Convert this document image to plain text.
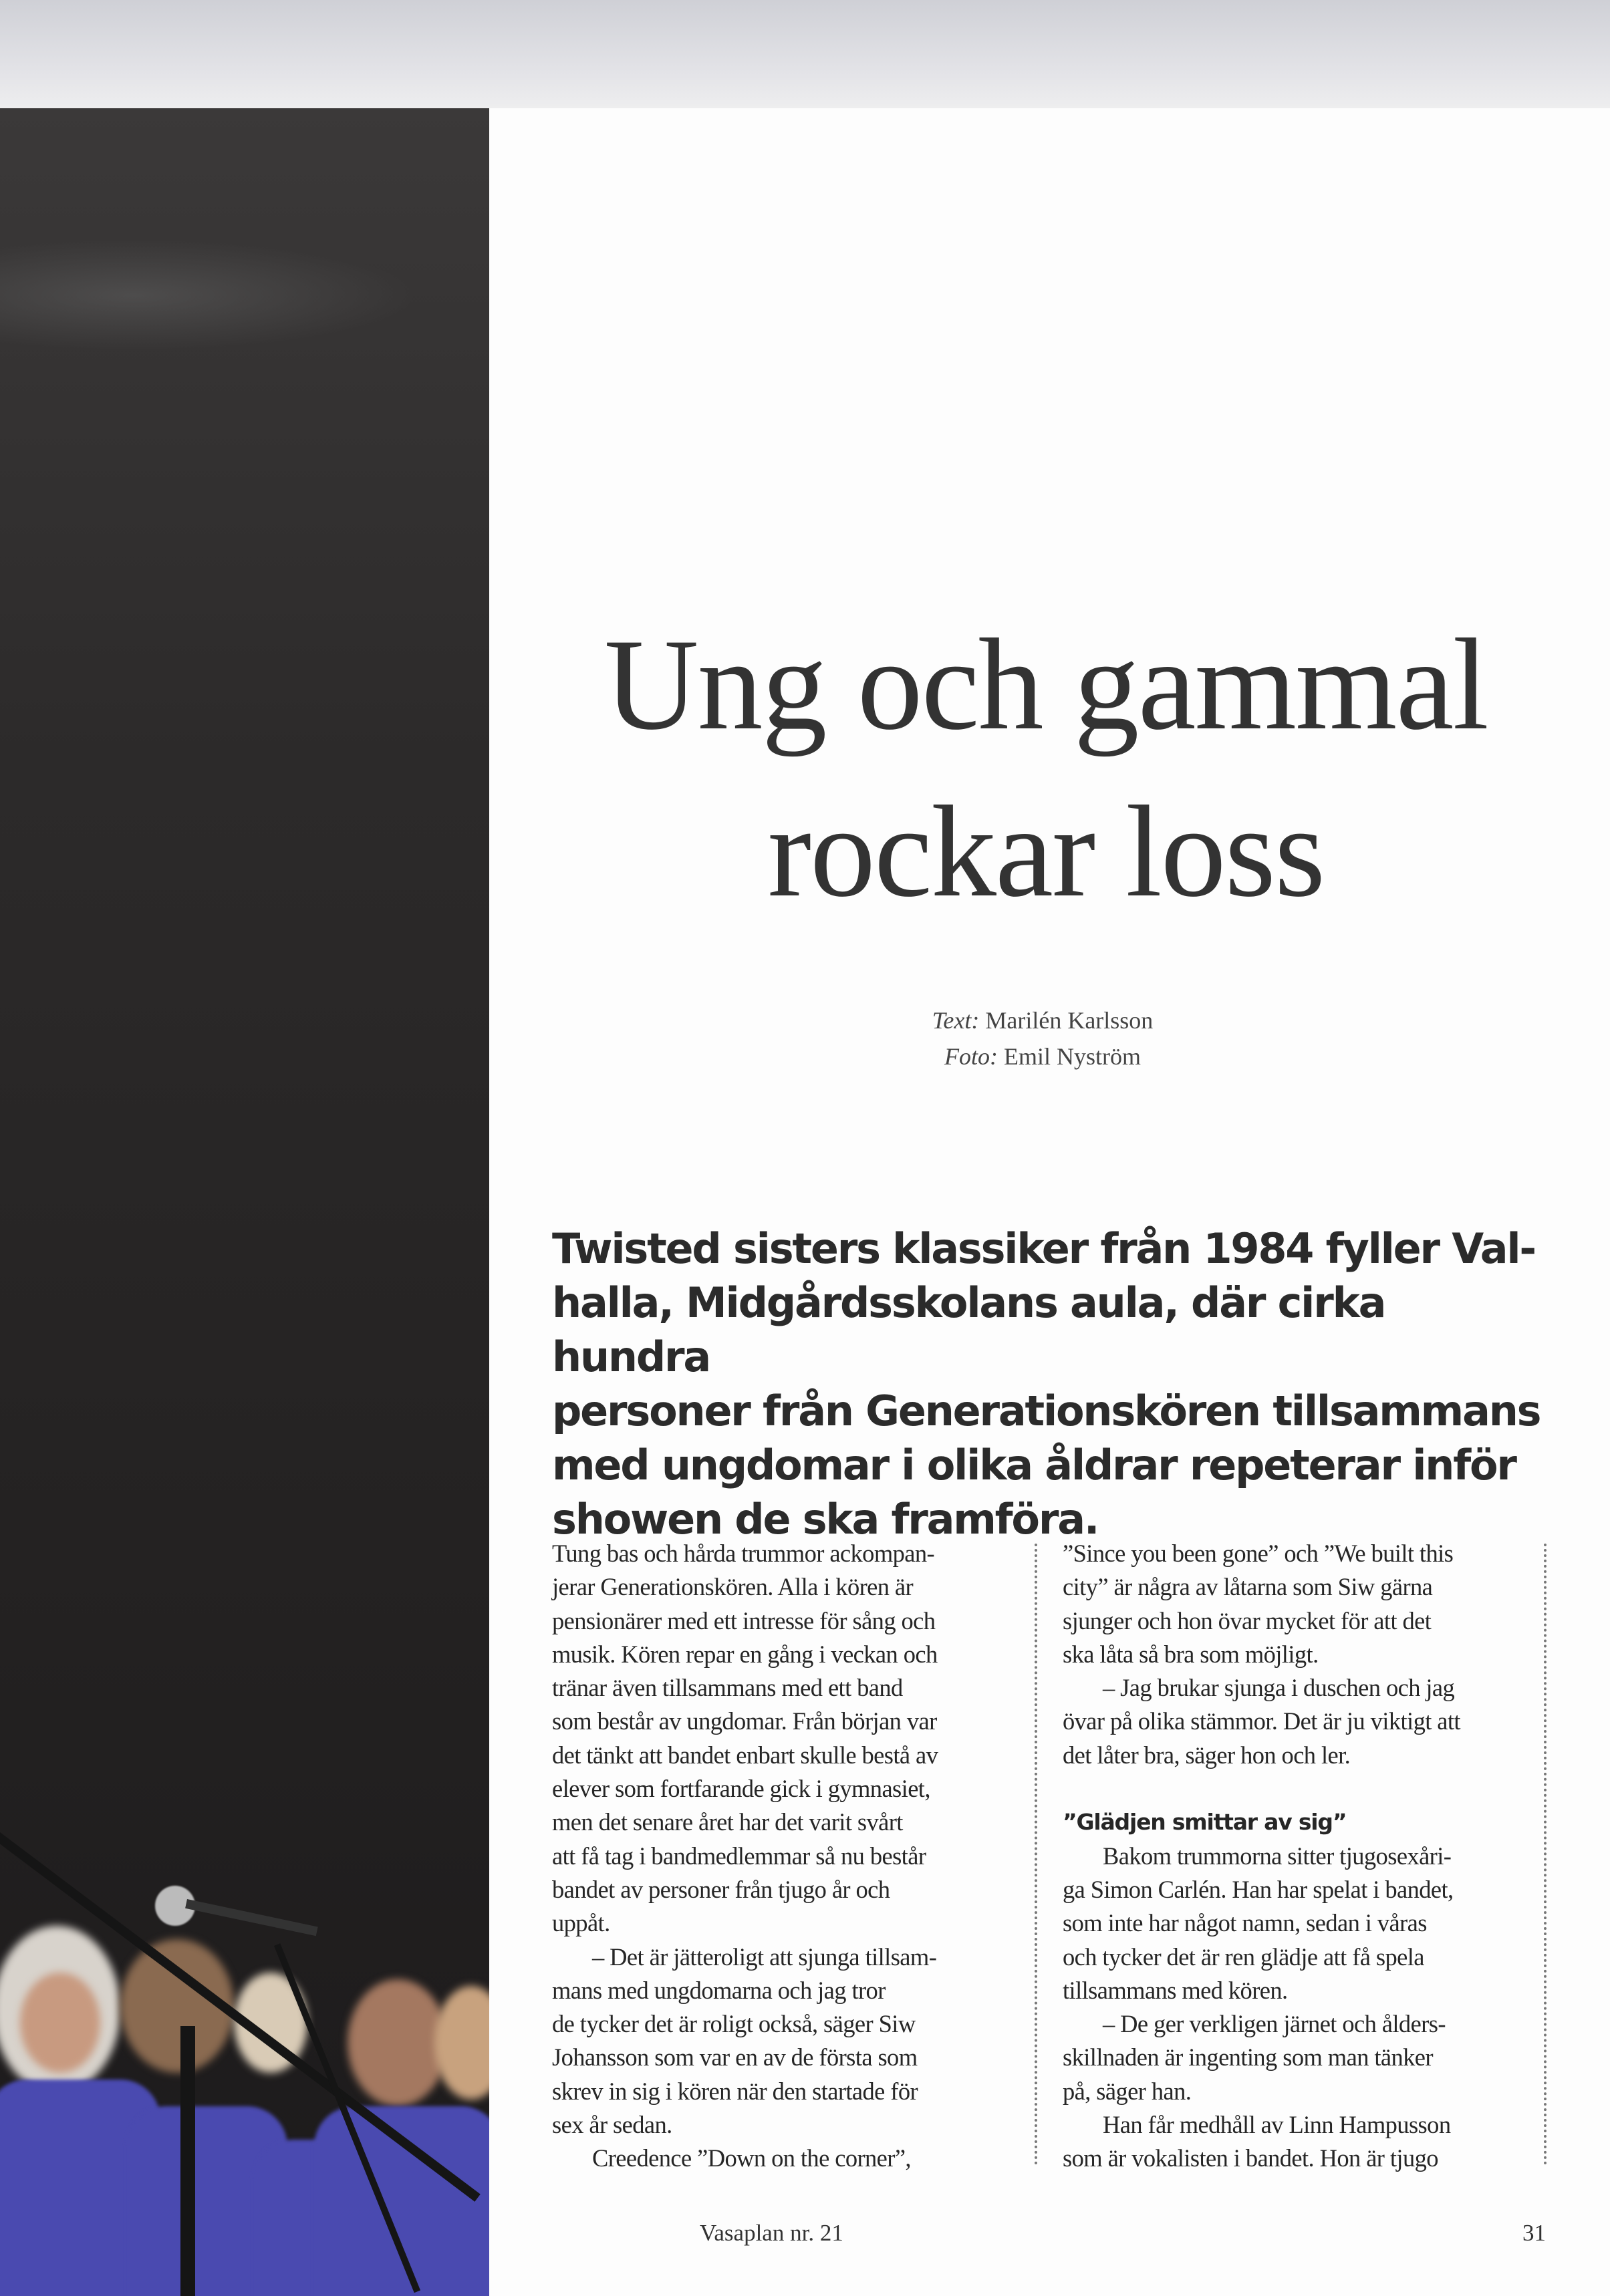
Ung och gammal
rockar loss
Text: Marilén Karlsson
Foto: Emil Nyström
Twisted sisters klassiker från 1984 fyller Val-
halla, Midgårdsskolans aula, där cirka hundra
personer från Generationskören tillsammans
med ungdomar i olika åldrar repeterar inför
showen de ska framföra.
Tung bas och hårda trummor ackompan-
jerar Generationskören. Alla i kören är
pensionärer med ett intresse för sång och
musik. Kören repar en gång i veckan och
tränar även tillsammans med ett band
som består av ungdomar. Från början var
det tänkt att bandet enbart skulle bestå av
elever som fortfarande gick i gymnasiet,
men det senare året har det varit svårt
att få tag i bandmedlemmar så nu består
bandet av personer från tjugo år och
uppåt.
– Det är jätteroligt att sjunga tillsam-
mans med ungdomarna och jag tror
de tycker det är roligt också, säger Siw
Johansson som var en av de första som
skrev in sig i kören när den startade för
sex år sedan.
Creedence ”Down on the corner”,
”Since you been gone” och ”We built this
city” är några av låtarna som Siw gärna
sjunger och hon övar mycket för att det
ska låta så bra som möjligt.
– Jag brukar sjunga i duschen och jag
övar på olika stämmor. Det är ju viktigt att
det låter bra, säger hon och ler.

”Glädjen smittar av sig”
Bakom trummorna sitter tjugosexåri-
ga Simon Carlén. Han har spelat i bandet,
som inte har något namn, sedan i våras
och tycker det är ren glädje att få spela
tillsammans med kören.
– De ger verkligen järnet och ålders-
skillnaden är ingenting som man tänker
på, säger han.
Han får medhåll av Linn Hampusson
som är vokalisten i bandet. Hon är tjugo
Vasaplan nr. 21	31
